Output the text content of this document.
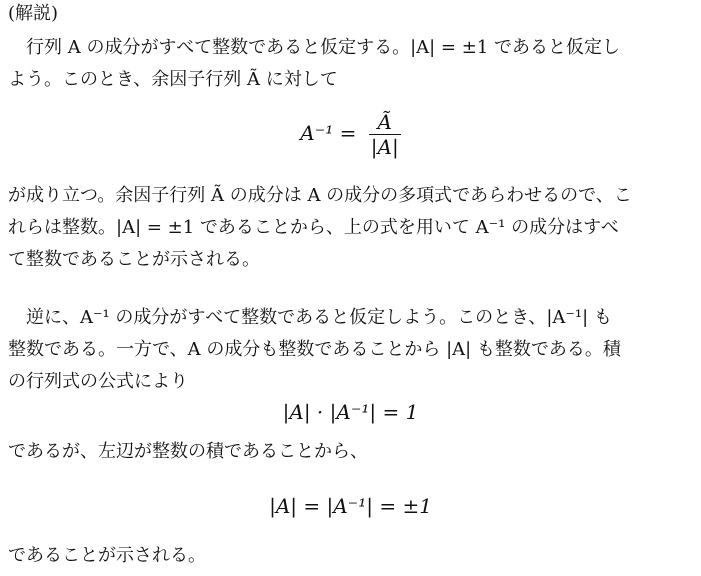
(解説)
行列 A の成分がすべて整数であると仮定する。|A| = ±1 であると仮定し
よう。このとき、余因子行列 Ã に対して
$A^{-1} = \frac{Ã}{|A|}$
が成り立つ。余因子行列 Ã の成分は A の成分の多項式であらわせるので、こ
れらは整数。|A| = ±1 であることから、上の式を用いて A⁻¹ の成分はすべ
て整数であることが示される。
逆に、A⁻¹ の成分がすべて整数であると仮定しよう。このとき、|A⁻¹| も
整数である。一方で、A の成分も整数であることから |A| も整数である。積
の行列式の公式により
|A| · |A⁻¹| = 1
であるが、左辺が整数の積であることから、
|A| = |A⁻¹| = ±1
であることが示される。
